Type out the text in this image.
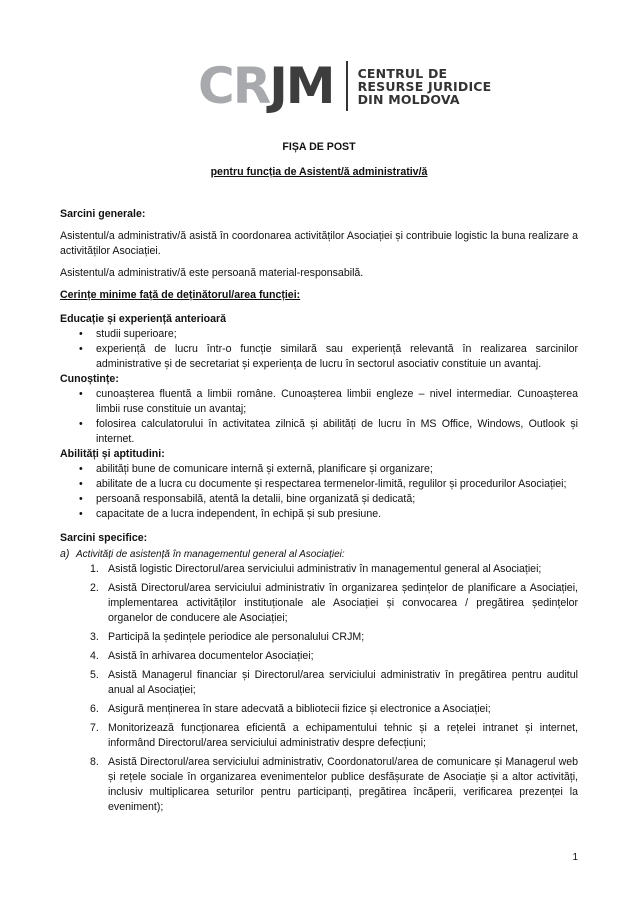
CRJM CENTRUL DE
RESURSE JURIDICE
DIN MOLDOVA
FIȘA DE POST
pentru funcția de Asistent/ă administrativ/ă
Sarcini generale:

Asistentul/a administrativ/ă asistă în coordonarea activităților Asociației și contribuie logistic la buna realizare a activităților Asociației.

Asistentul/a administrativ/ă este persoană material-responsabilă.

Cerințe minime față de deținătorul/area funcției:
Educație și experiență anterioară
• studii superioare;
• experiență de lucru într-o funcție similară sau experiență relevantă în realizarea sarcinilor administrative și de secretariat și experiența de lucru în sectorul asociativ constituie un avantaj.
Cunoștințe:
• cunoașterea fluentă a limbii române. Cunoașterea limbii engleze – nivel intermediar. Cunoașterea limbii ruse constituie un avantaj;
• folosirea calculatorului în activitatea zilnică și abilități de lucru în MS Office, Windows, Outlook și internet.
Abilități și aptitudini:
• abilități bune de comunicare internă și externă, planificare și organizare;
• abilitate de a lucra cu documente și respectarea termenelor-limită, regulilor și procedurilor Asociației;
• persoană responsabilă, atentă la detalii, bine organizată și dedicată;
• capacitate de a lucra independent, în echipă și sub presiune.
Sarcini specifice:
a) Activități de asistență în managementul general al Asociației:
1. Asistă logistic Directorul/area serviciului administrativ în managementul general al Asociației;
2. Asistă Directorul/area serviciului administrativ în organizarea ședințelor de planificare a Asociației, implementarea activităților instituționale ale Asociației și convocarea / pregătirea ședințelor organelor de conducere ale Asociației;
3. Participă la ședințele periodice ale personalului CRJM;
4. Asistă în arhivarea documentelor Asociației;
5. Asistă Managerul financiar și Directorul/area serviciului administrativ în pregătirea pentru auditul anual al Asociației;
6. Asigură menținerea în stare adecvată a bibliotecii fizice și electronice a Asociației;
7. Monitorizează funcționarea eficientă a echipamentului tehnic și a rețelei intranet și internet, informând Directorul/area serviciului administrativ despre defecțiuni;
8. Asistă Directorul/area serviciului administrativ, Coordonatorul/area de comunicare și Managerul web și rețele sociale în organizarea evenimentelor publice desfășurate de Asociație și a altor activități, inclusiv multiplicarea seturilor pentru participanți, pregătirea încăperii, verificarea prezenței la eveniment);
1
